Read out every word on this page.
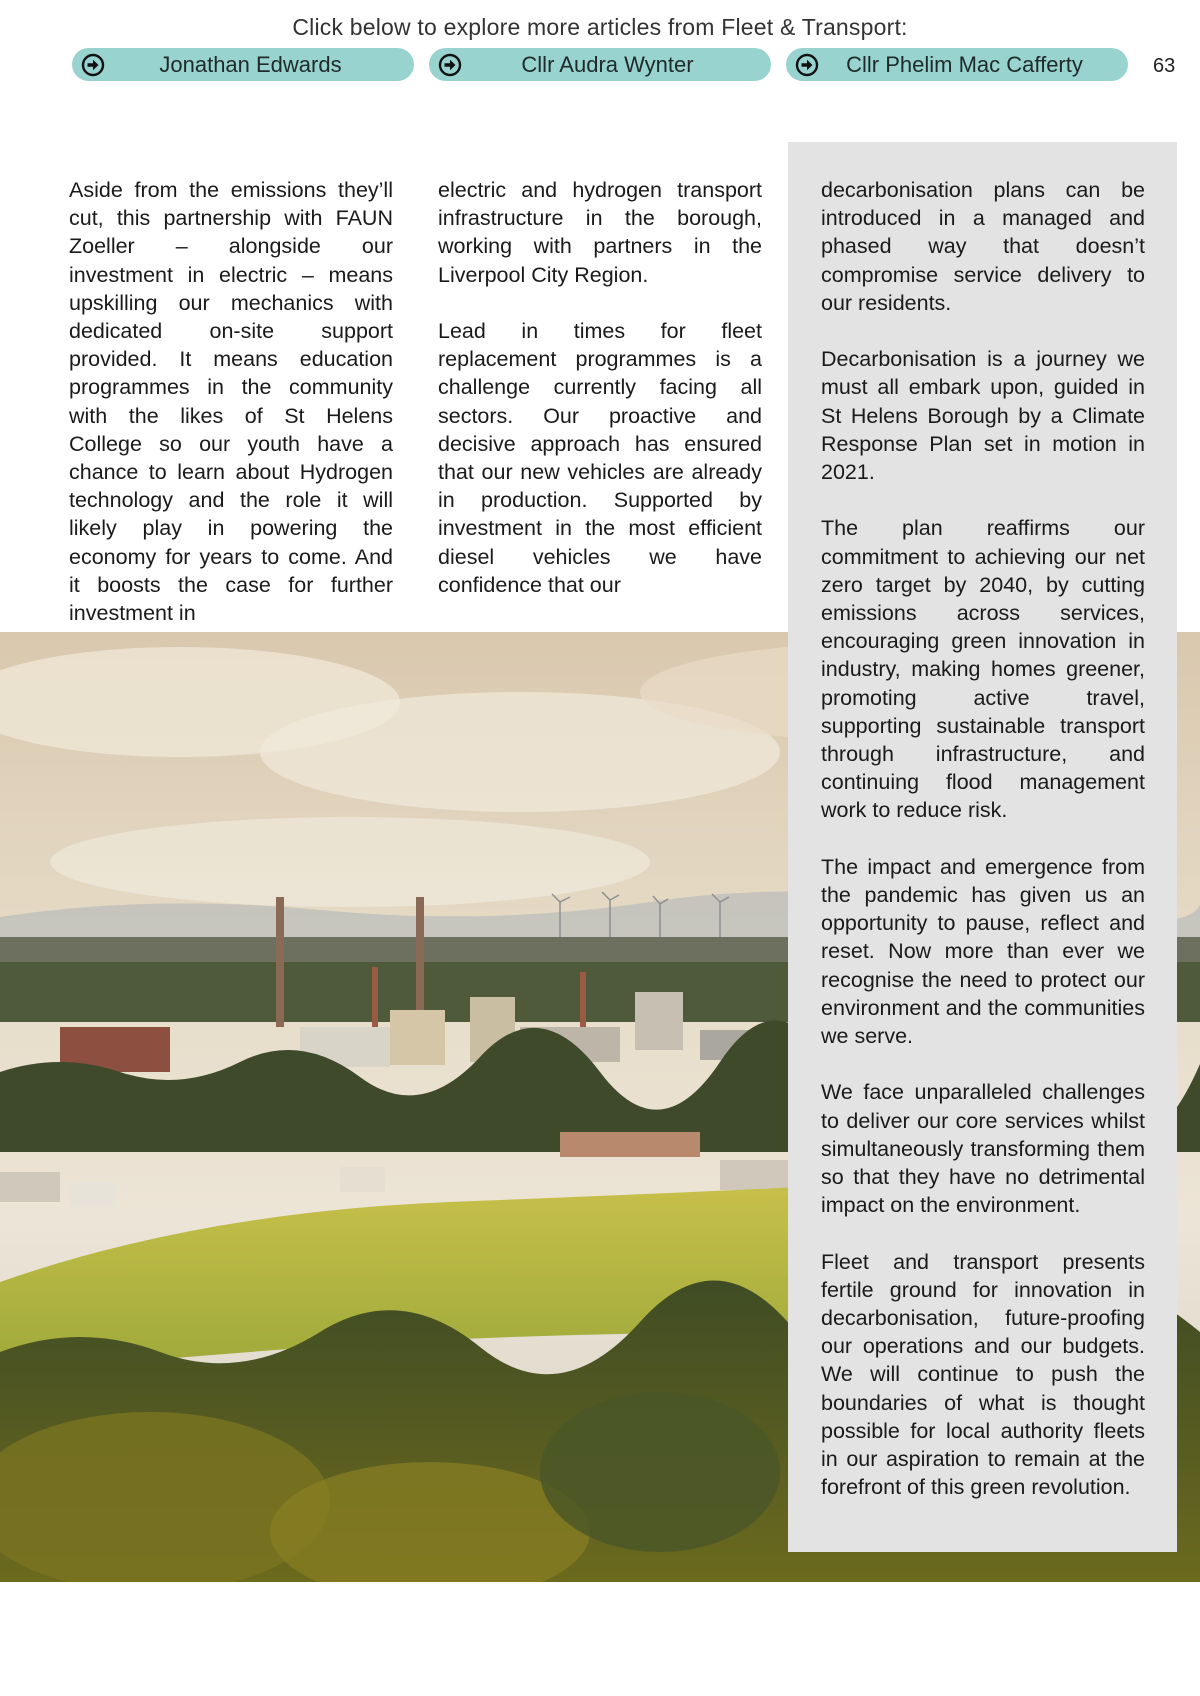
Click below to explore more articles from Fleet & Transport:
Jonathan Edwards	Cllr Audra Wynter	Cllr Phelim Mac Cafferty	63

Aside from the emissions they’ll cut, this partnership with FAUN Zoeller – alongside our investment in electric – means upskilling our mechanics with dedicated on-site support provided. It means education programmes in the community with the likes of St Helens College so our youth have a chance to learn about Hydrogen technology and the role it will likely play in powering the economy for years to come. And it boosts the case for further investment in

electric and hydrogen transport infrastructure in the borough, working with partners in the Liverpool City Region.

Lead in times for fleet replacement programmes is a challenge currently facing all sectors. Our proactive and decisive approach has ensured that our new vehicles are already in production. Supported by investment in the most efficient diesel vehicles we have confidence that our

decarbonisation plans can be introduced in a managed and phased way that doesn’t compromise service delivery to our residents.

Decarbonisation is a journey we must all embark upon, guided in St Helens Borough by a Climate Response Plan set in motion in 2021.

The plan reaffirms our commitment to achieving our net zero target by 2040, by cutting emissions across services, encouraging green innovation in industry, making homes greener, promoting active travel, supporting sustainable transport through infrastructure, and continuing flood management work to reduce risk.

The impact and emergence from the pandemic has given us an opportunity to pause, reflect and reset. Now more than ever we recognise the need to protect our environment and the communities we serve.

We face unparalleled challenges to deliver our core services whilst simultaneously transforming them so that they have no detrimental impact on the environment.

Fleet and transport presents fertile ground for innovation in decarbonisation, future-proofing our operations and our budgets. We will continue to push the boundaries of what is thought possible for local authority fleets in our aspiration to remain at the forefront of this green revolution.
